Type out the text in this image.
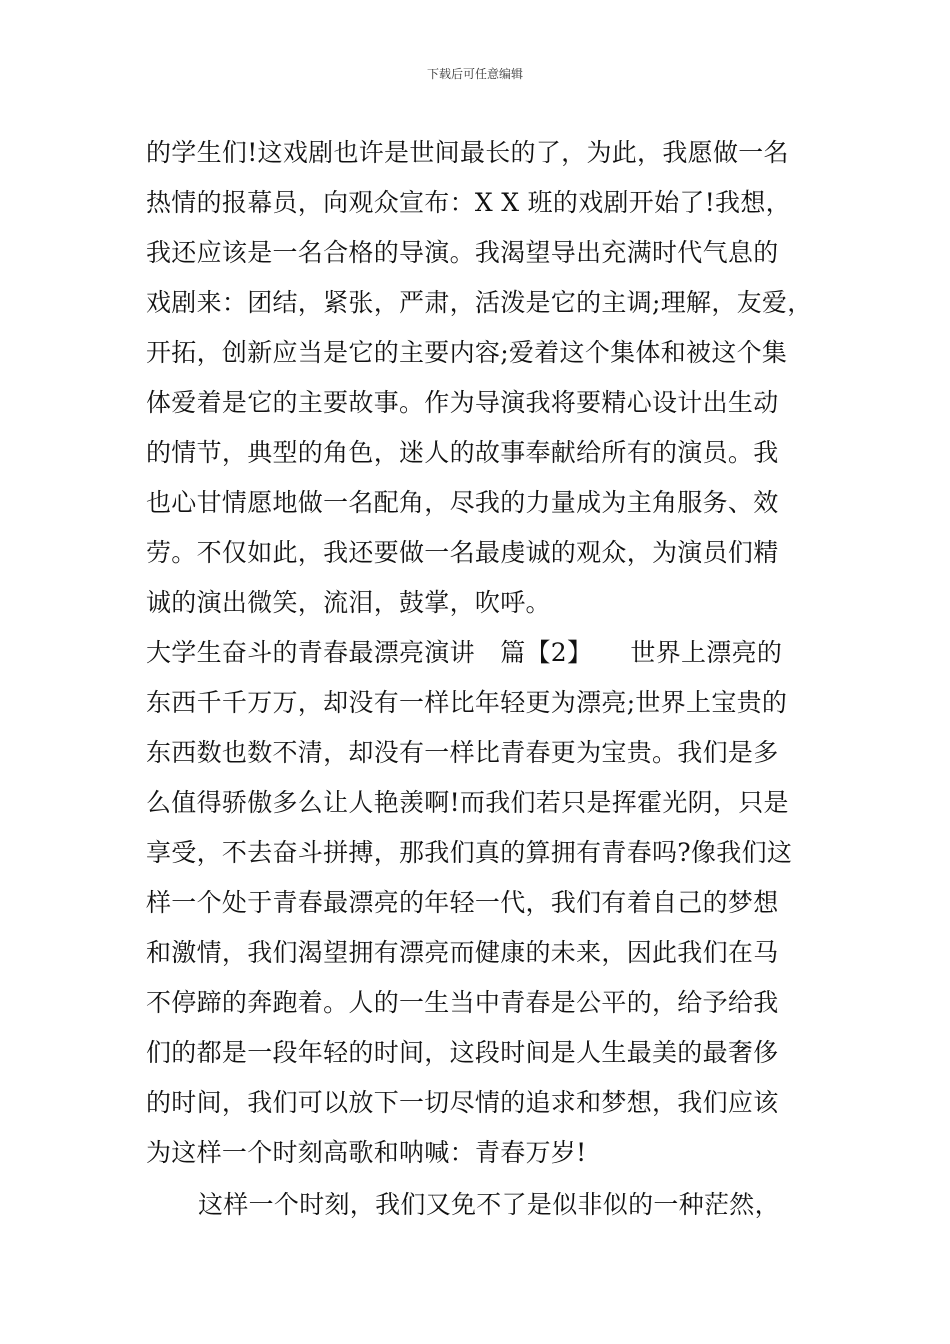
下载后可任意编辑
的学生们!这戏剧也许是世间最长的了，为此，我愿做一名
热情的报幕员，向观众宣布：X X 班的戏剧开始了!我想，
我还应该是一名合格的导演。我渴望导出充满时代气息的
戏剧来：团结，紧张，严肃，活泼是它的主调;理解，友爱，
开拓，创新应当是它的主要内容;爱着这个集体和被这个集
体爱着是它的主要故事。作为导演我将要精心设计出生动
的情节，典型的角色，迷人的故事奉献给所有的演员。我
也心甘情愿地做一名配角，尽我的力量成为主角服务、效
劳。不仅如此，我还要做一名最虔诚的观众，为演员们精
诚的演出微笑，流泪，鼓掌，吹呼。
大学生奋斗的青春最漂亮演讲　篇【2】　　世界上漂亮的
东西千千万万，却没有一样比年轻更为漂亮;世界上宝贵的
东西数也数不清，却没有一样比青春更为宝贵。我们是多
么值得骄傲多么让人艳羡啊!而我们若只是挥霍光阴，只是
享受，不去奋斗拼搏，那我们真的算拥有青春吗?像我们这
样一个处于青春最漂亮的年轻一代，我们有着自己的梦想
和激情，我们渴望拥有漂亮而健康的未来，因此我们在马
不停蹄的奔跑着。人的一生当中青春是公平的，给予给我
们的都是一段年轻的时间，这段时间是人生最美的最奢侈
的时间，我们可以放下一切尽情的追求和梦想，我们应该
为这样一个时刻高歌和呐喊：青春万岁!
这样一个时刻，我们又免不了是似非似的一种茫然，
